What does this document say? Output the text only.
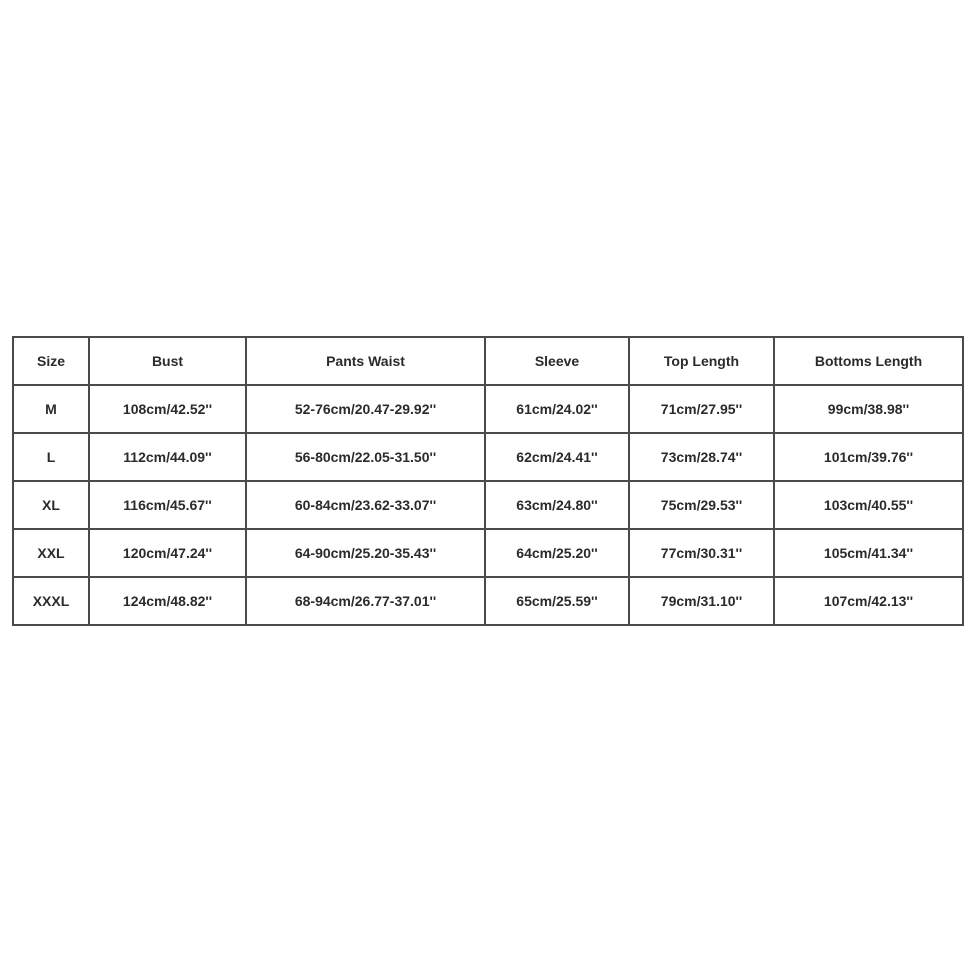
Size	Bust	Pants Waist	Sleeve	Top Length	Bottoms Length
M	108cm/42.52''	52-76cm/20.47-29.92''	61cm/24.02''	71cm/27.95''	99cm/38.98''
L	112cm/44.09''	56-80cm/22.05-31.50''	62cm/24.41''	73cm/28.74''	101cm/39.76''
XL	116cm/45.67''	60-84cm/23.62-33.07''	63cm/24.80''	75cm/29.53''	103cm/40.55''
XXL	120cm/47.24''	64-90cm/25.20-35.43''	64cm/25.20''	77cm/30.31''	105cm/41.34''
XXXL	124cm/48.82''	68-94cm/26.77-37.01''	65cm/25.59''	79cm/31.10''	107cm/42.13''
